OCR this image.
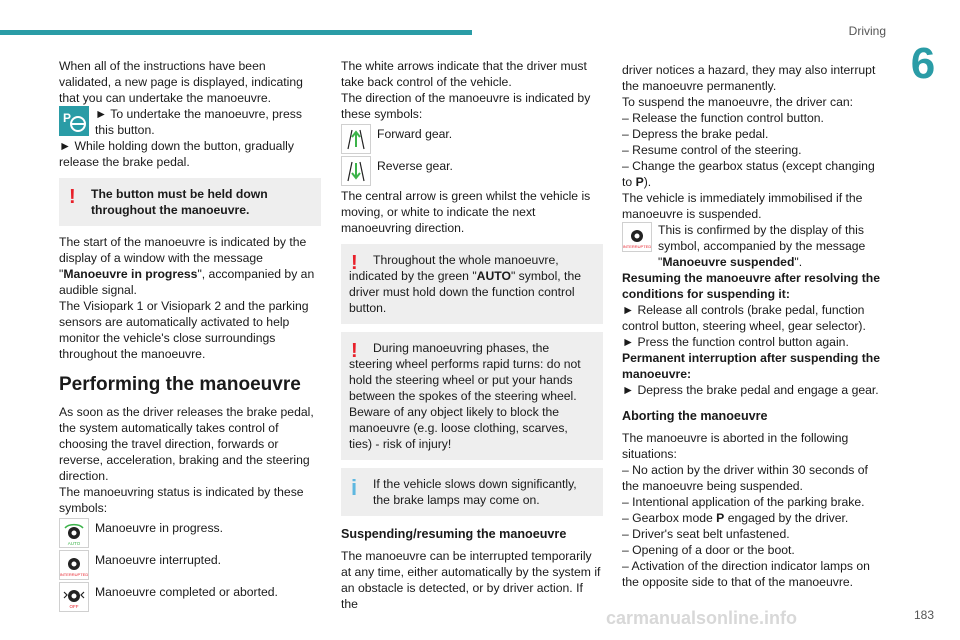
Driving
6

When all of the instructions have been validated, a new page is displayed, indicating that you can undertake the manoeuvre.

P ► To undertake the manoeuvre, press this button.

► While holding down the button, gradually release the brake pedal.

!	The button must be held down throughout the manoeuvre.

The start of the manoeuvre is indicated by the display of a window with the message "Manoeuvre in progress", accompanied by an audible signal.

The Visiopark 1 or Visiopark 2 and the parking sensors are automatically activated to help monitor the vehicle's close surroundings throughout the manoeuvre.

Performing the manoeuvre

As soon as the driver releases the brake pedal, the system automatically takes control of choosing the travel direction, forwards or reverse, acceleration, braking and the steering direction.

The manoeuvring status is indicated by these symbols:

AUTO
Manoeuvre in progress.
INTERRUPTED
Manoeuvre interrupted.
OFF
Manoeuvre completed or aborted.

The white arrows indicate that the driver must take back control of the vehicle.

The direction of the manoeuvre is indicated by these symbols:

Forward gear.
Reverse gear.

The central arrow is green whilst the vehicle is moving, or white to indicate the next manoeuvring direction.

!	Throughout the whole manoeuvre, indicated by the green "AUTO" symbol, the driver must hold down the function control button.

!	During manoeuvring phases, the steering wheel performs rapid turns: do not hold the steering wheel or put your hands between the spokes of the steering wheel. Beware of any object likely to block the manoeuvre (e.g. loose clothing, scarves, ties) - risk of injury!

i	If the vehicle slows down significantly, the brake lamps may come on.

Suspending/resuming the manoeuvre

The manoeuvre can be interrupted temporarily at any time, either automatically by the system if an obstacle is detected, or by driver action. If the

driver notices a hazard, they may also interrupt the manoeuvre permanently.

To suspend the manoeuvre, the driver can:

– Release the function control button.

– Depress the brake pedal.

– Resume control of the steering.

– Change the gearbox status (except changing to P).

The vehicle is immediately immobilised if the manoeuvre is suspended.

INTERRUPTED

This is confirmed by the display of this symbol, accompanied by the message "Manoeuvre suspended".

Resuming the manoeuvre after resolving the conditions for suspending it:

► Release all controls (brake pedal, function control button, steering wheel, gear selector).

► Press the function control button again.

Permanent interruption after suspending the manoeuvre:

► Depress the brake pedal and engage a gear.

Aborting the manoeuvre

The manoeuvre is aborted in the following situations:

– No action by the driver within 30 seconds of the manoeuvre being suspended.

– Intentional application of the parking brake.

– Gearbox mode P engaged by the driver.

– Driver's seat belt unfastened.

– Opening of a door or the boot.

– Activation of the direction indicator lamps on the opposite side to that of the manoeuvre.

carmanualsonline.info	183
